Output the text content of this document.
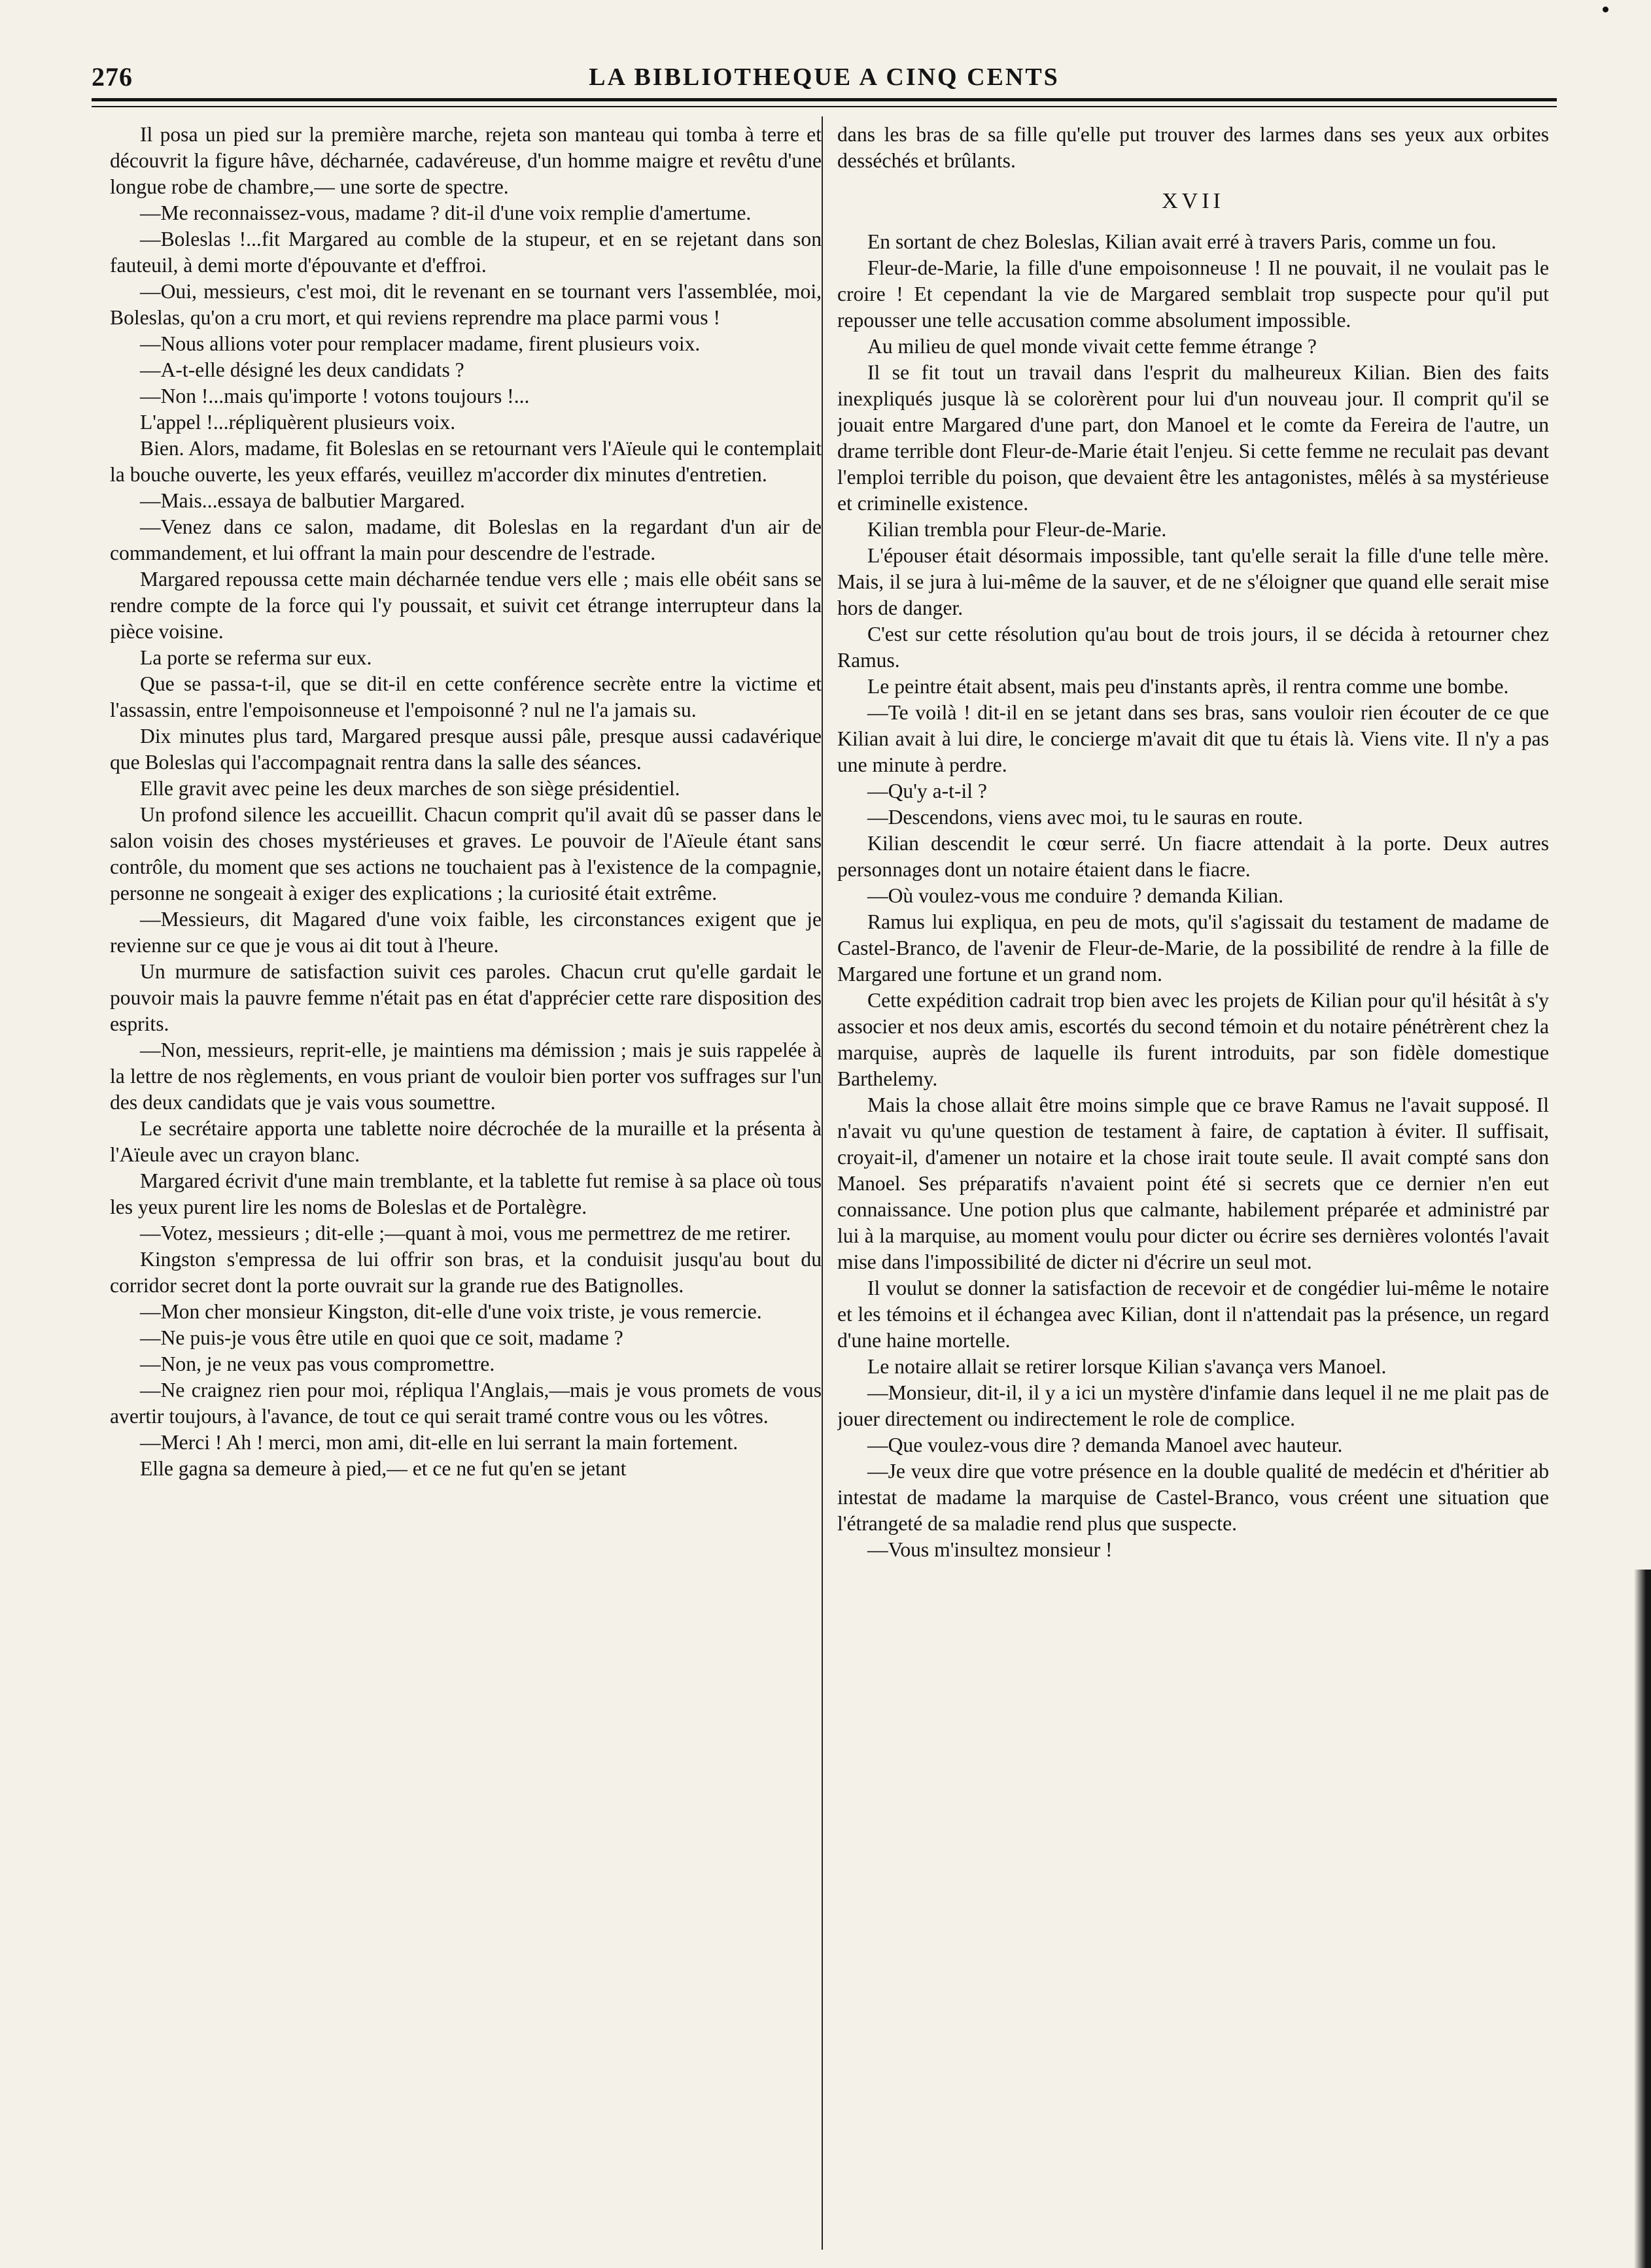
276	LA BIBLIOTHEQUE A CINQ CENTS

Il posa un pied sur la première marche, rejeta son manteau qui tomba à terre et découvrit la figure hâve, décharnée, cadavéreuse, d'un homme maigre et revêtu d'une longue robe de chambre,— une sorte de spectre.

—Me reconnaissez-vous, madame ? dit-il d'une voix remplie d'amertume.

—Boleslas !...fit Margared au comble de la stupeur, et en se rejetant dans son fauteuil, à demi morte d'épouvante et d'effroi.

—Oui, messieurs, c'est moi, dit le revenant en se tournant vers l'assemblée, moi, Boleslas, qu'on a cru mort, et qui reviens reprendre ma place parmi vous !

—Nous allions voter pour remplacer madame, firent plusieurs voix.

—A-t-elle désigné les deux candidats ?

—Non !...mais qu'importe ! votons toujours !...

L'appel !...répliquèrent plusieurs voix.

Bien. Alors, madame, fit Boleslas en se retournant vers l'Aïeule qui le contemplait la bouche ouverte, les yeux effarés, veuillez m'accorder dix minutes d'entretien.

—Mais...essaya de balbutier Margared.

—Venez dans ce salon, madame, dit Boleslas en la regardant d'un air de commandement, et lui offrant la main pour descendre de l'estrade.

Margared repoussa cette main décharnée tendue vers elle ; mais elle obéit sans se rendre compte de la force qui l'y poussait, et suivit cet étrange interrupteur dans la pièce voisine.

La porte se referma sur eux.

Que se passa-t-il, que se dit-il en cette conférence secrète entre la victime et l'assassin, entre l'empoisonneuse et l'empoisonné ? nul ne l'a jamais su.

Dix minutes plus tard, Margared presque aussi pâle, presque aussi cadavérique que Boleslas qui l'accompagnait rentra dans la salle des séances.

Elle gravit avec peine les deux marches de son siège présidentiel.

Un profond silence les accueillit. Chacun comprit qu'il avait dû se passer dans le salon voisin des choses mystérieuses et graves. Le pouvoir de l'Aïeule étant sans contrôle, du moment que ses actions ne touchaient pas à l'existence de la compagnie, personne ne songeait à exiger des explications ; la curiosité était extrême.

—Messieurs, dit Magared d'une voix faible, les circonstances exigent que je revienne sur ce que je vous ai dit tout à l'heure.

Un murmure de satisfaction suivit ces paroles. Chacun crut qu'elle gardait le pouvoir mais la pauvre femme n'était pas en état d'apprécier cette rare disposition des esprits.

—Non, messieurs, reprit-elle, je maintiens ma démission ; mais je suis rappelée à la lettre de nos règlements, en vous priant de vouloir bien porter vos suffrages sur l'un des deux candidats que je vais vous soumettre.

Le secrétaire apporta une tablette noire décrochée de la muraille et la présenta à l'Aïeule avec un crayon blanc.

Margared écrivit d'une main tremblante, et la tablette fut remise à sa place où tous les yeux purent lire les noms de Boleslas et de Portalègre.

—Votez, messieurs ; dit-elle ;—quant à moi, vous me permettrez de me retirer.

Kingston s'empressa de lui offrir son bras, et la conduisit jusqu'au bout du corridor secret dont la porte ouvrait sur la grande rue des Batignolles.

—Mon cher monsieur Kingston, dit-elle d'une voix triste, je vous remercie.

—Ne puis-je vous être utile en quoi que ce soit, madame ?

—Non, je ne veux pas vous compromettre.

—Ne craignez rien pour moi, répliqua l'Anglais,—mais je vous promets de vous avertir toujours, à l'avance, de tout ce qui serait tramé contre vous ou les vôtres.

—Merci ! Ah ! merci, mon ami, dit-elle en lui serrant la main fortement.

Elle gagna sa demeure à pied,— et ce ne fut qu'en se jetant

dans les bras de sa fille qu'elle put trouver des larmes dans ses yeux aux orbites desséchés et brûlants.

XVII

En sortant de chez Boleslas, Kilian avait erré à travers Paris, comme un fou.

Fleur-de-Marie, la fille d'une empoisonneuse ! Il ne pouvait, il ne voulait pas le croire ! Et cependant la vie de Margared semblait trop suspecte pour qu'il put repousser une telle accusation comme absolument impossible.

Au milieu de quel monde vivait cette femme étrange ?

Il se fit tout un travail dans l'esprit du malheureux Kilian. Bien des faits inexpliqués jusque là se colorèrent pour lui d'un nouveau jour. Il comprit qu'il se jouait entre Margared d'une part, don Manoel et le comte da Fereira de l'autre, un drame terrible dont Fleur-de-Marie était l'enjeu. Si cette femme ne reculait pas devant l'emploi terrible du poison, que devaient être les antagonistes, mêlés à sa mystérieuse et criminelle existence.

Kilian trembla pour Fleur-de-Marie.

L'épouser était désormais impossible, tant qu'elle serait la fille d'une telle mère. Mais, il se jura à lui-même de la sauver, et de ne s'éloigner que quand elle serait mise hors de danger.

C'est sur cette résolution qu'au bout de trois jours, il se décida à retourner chez Ramus.

Le peintre était absent, mais peu d'instants après, il rentra comme une bombe.

—Te voilà ! dit-il en se jetant dans ses bras, sans vouloir rien écouter de ce que Kilian avait à lui dire, le concierge m'avait dit que tu étais là. Viens vite. Il n'y a pas une minute à perdre.

—Qu'y a-t-il ?

—Descendons, viens avec moi, tu le sauras en route.

Kilian descendit le cœur serré. Un fiacre attendait à la porte. Deux autres personnages dont un notaire étaient dans le fiacre.

—Où voulez-vous me conduire ? demanda Kilian.

Ramus lui expliqua, en peu de mots, qu'il s'agissait du testament de madame de Castel-Branco, de l'avenir de Fleur-de-Marie, de la possibilité de rendre à la fille de Margared une fortune et un grand nom.

Cette expédition cadrait trop bien avec les projets de Kilian pour qu'il hésitât à s'y associer et nos deux amis, escortés du second témoin et du notaire pénétrèrent chez la marquise, auprès de laquelle ils furent introduits, par son fidèle domestique Barthelemy.

Mais la chose allait être moins simple que ce brave Ramus ne l'avait supposé. Il n'avait vu qu'une question de testament à faire, de captation à éviter. Il suffisait, croyait-il, d'amener un notaire et la chose irait toute seule. Il avait compté sans don Manoel. Ses préparatifs n'avaient point été si secrets que ce dernier n'en eut connaissance. Une potion plus que calmante, habilement préparée et administré par lui à la marquise, au moment voulu pour dicter ou écrire ses dernières volontés l'avait mise dans l'impossibilité de dicter ni d'écrire un seul mot.

Il voulut se donner la satisfaction de recevoir et de congédier lui-même le notaire et les témoins et il échangea avec Kilian, dont il n'attendait pas la présence, un regard d'une haine mortelle.

Le notaire allait se retirer lorsque Kilian s'avança vers Manoel.

—Monsieur, dit-il, il y a ici un mystère d'infamie dans lequel il ne me plait pas de jouer directement ou indirectement le role de complice.

—Que voulez-vous dire ? demanda Manoel avec hauteur.

—Je veux dire que votre présence en la double qualité de medécin et d'héritier ab intestat de madame la marquise de Castel-Branco, vous créent une situation que l'étrangeté de sa maladie rend plus que suspecte.

—Vous m'insultez monsieur !
